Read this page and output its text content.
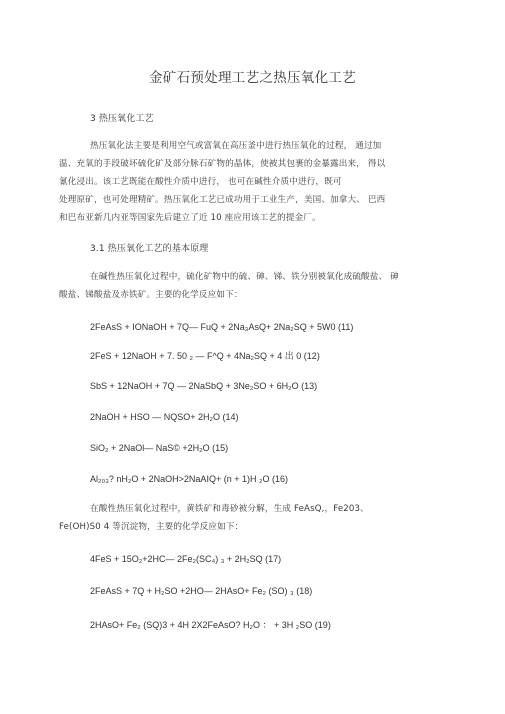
金矿石预处理工艺之热压氧化工艺
3 热压氧化工艺
热压氧化法主要是利用空气或富氧在高压釜中进行热压氧化的过程， 通过加
温、充氧的手段破坏硫化矿及部分脉石矿物的晶体，使被其包裹的金暴露出来， 得以
氰化浸出。该工艺既能在酸性介质中进行， 也可在碱性介质中进行，既可
处理原矿，也可处理精矿。热压氧化工艺已成功用于工业生产，美国、加拿大、 巴西
和巴布亚新几内亚等国家先后建立了近 10 座应用该工艺的提金厂。
3.1 热压氧化工艺的基本原理
在碱性热压氧化过程中，硫化矿物中的硫、砷、锑、铁分别被氧化成硫酸盐、 砷
酸盐、锑酸盐及赤铁矿。主要的化学反应如下：
2FeAsS + IONaOH + 7Q— FuQ + 2Na₃AsQ+ 2Na₂SQ + 5W0 (11)
2FeS + 12NaOH + 7. 50 ₂ — F^Q + 4Na₂SQ + 4 出 0 (12)
SbS + 12NaOH + 7Q — 2NaSbQ + 3Ne₂SO + 6H₂O (13)
2NaOH + HSO — NQSO+ 2H₂O (14)
SiO₂ + 2NaOl— NaS© +2H₂O (15)
Al₂₀₃? nH₂O + 2NaOH>2NaAIQ+ (n + 1)H ₂O (16)
在酸性热压氧化过程中，黄铁矿和毒砂被分解，生成 FeAsQ,，Fe203、
Fe(OH)S0 4 等沉淀物，主要的化学反应如下：
4FeS + 15O₂+2HC— 2Fe₂(SC₄) ₃ + 2H₂SQ (17)
2FeAsS + 7Q + H₂SO +2HO— 2HAsO+ Fe₂ (SO) ₃ (18)
2HAsO+ Fe₂ (SQ)3 + 4H 2X2FeAsO? H₂O ： + 3H ₂SO (19)
